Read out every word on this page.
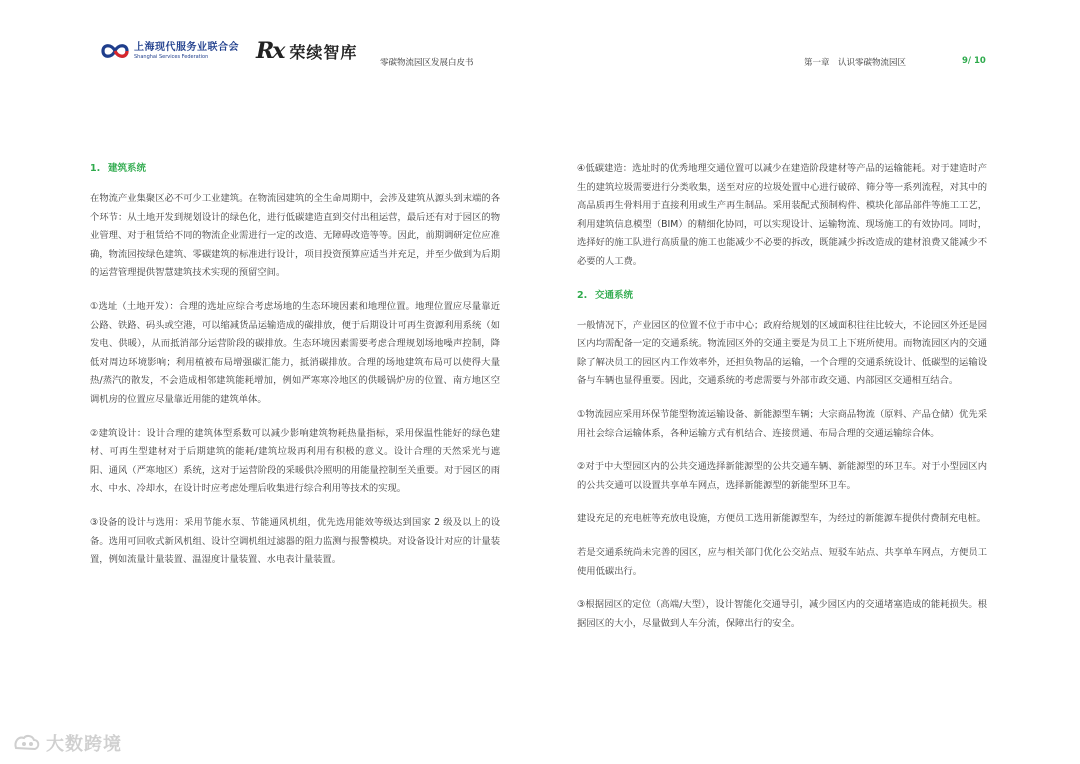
上海现代服务业联合会
Shanghai Services Federation	Rx 荣续智库
零碳物流园区发展白皮书	第一章　认识零碳物流园区	9/ 10
1. 建筑系统

在物流产业集聚区必不可少工业建筑。在物流园建筑的全生命周期中，会涉及建筑从源头到末端的各个环节：从土地开发到规划设计的绿色化，进行低碳建造直到交付出租运营，最后还有对于园区的物业管理、对于租赁给不同的物流企业需进行一定的改造、无障碍改造等等。因此，前期调研定位应准确，物流园按绿色建筑、零碳建筑的标准进行设计，项目投资预算应适当并充足，并至少做到为后期的运营管理提供智慧建筑技术实现的预留空间。

①选址（土地开发）：合理的选址应综合考虑场地的生态环境因素和地理位置。地理位置应尽量靠近公路、铁路、码头或空港，可以缩减货品运输造成的碳排放，便于后期设计可再生资源利用系统（如发电、供暖），从而抵消部分运营阶段的碳排放。生态环境因素需要考虑合理规划场地噪声控制，降低对周边环境影响；利用植被布局增强碳汇能力，抵消碳排放。合理的场地建筑布局可以使得大量热/蒸汽的散发，不会造成相邻建筑能耗增加，例如严寒寒冷地区的供暖锅炉房的位置、南方地区空调机房的位置应尽量靠近用能的建筑单体。

②建筑设计：设计合理的建筑体型系数可以减少影响建筑物耗热量指标，采用保温性能好的绿色建材、可再生型建材对于后期建筑的能耗/建筑垃圾再利用有积极的意义。设计合理的天然采光与遮阳、通风（严寒地区）系统，这对于运营阶段的采暖供冷照明的用能量控制至关重要。对于园区的雨水、中水、冷却水，在设计时应考虑处理后收集进行综合利用等技术的实现。

③设备的设计与选用：采用节能水泵、节能通风机组，优先选用能效等级达到国家 2 级及以上的设备。选用可回收式新风机组、设计空调机组过滤器的阻力监测与报警模块。对设备设计对应的计量装置，例如流量计量装置、温湿度计量装置、水电表计量装置。

④低碳建造：选址时的优秀地理交通位置可以减少在建造阶段建材等产品的运输能耗。对于建造时产生的建筑垃圾需要进行分类收集，送至对应的垃圾处置中心进行破碎、筛分等一系列流程，对其中的高品质再生骨料用于直接利用或生产再生制品。采用装配式预制构件、模块化部品部件等施工工艺，利用建筑信息模型（BIM）的精细化协同，可以实现设计、运输物流、现场施工的有效协同。同时，选择好的施工队进行高质量的施工也能减少不必要的拆改，既能减少拆改造成的建材浪费又能减少不必要的人工费。

2. 交通系统

一般情况下，产业园区的位置不位于市中心；政府给规划的区域面积往往比较大，不论园区外还是园区内均需配备一定的交通系统。物流园区外的交通主要是为员工上下班所使用。而物流园区内的交通除了解决员工的园区内工作效率外，还担负物品的运输，一个合理的交通系统设计、低碳型的运输设备与车辆也显得重要。因此，交通系统的考虑需要与外部市政交通、内部园区交通相互结合。

①物流园应采用环保节能型物流运输设备、新能源型车辆；大宗商品物流（原料、产品仓储）优先采用社会综合运输体系，各种运输方式有机结合、连接贯通、布局合理的交通运输综合体。

②对于中大型园区内的公共交通选择新能源型的公共交通车辆、新能源型的环卫车。对于小型园区内的公共交通可以设置共享单车网点，选择新能源型的新能型环卫车。

建设充足的充电桩等充放电设施，方便员工选用新能源型车，为经过的新能源车提供付费制充电桩。

若是交通系统尚未完善的园区，应与相关部门优化公交站点、短驳车站点、共享单车网点，方便员工使用低碳出行。

③根据园区的定位（高端/大型），设计智能化交通导引，减少园区内的交通堵塞造成的能耗损失。根据园区的大小，尽量做到人车分流，保障出行的安全。

大数跨境
